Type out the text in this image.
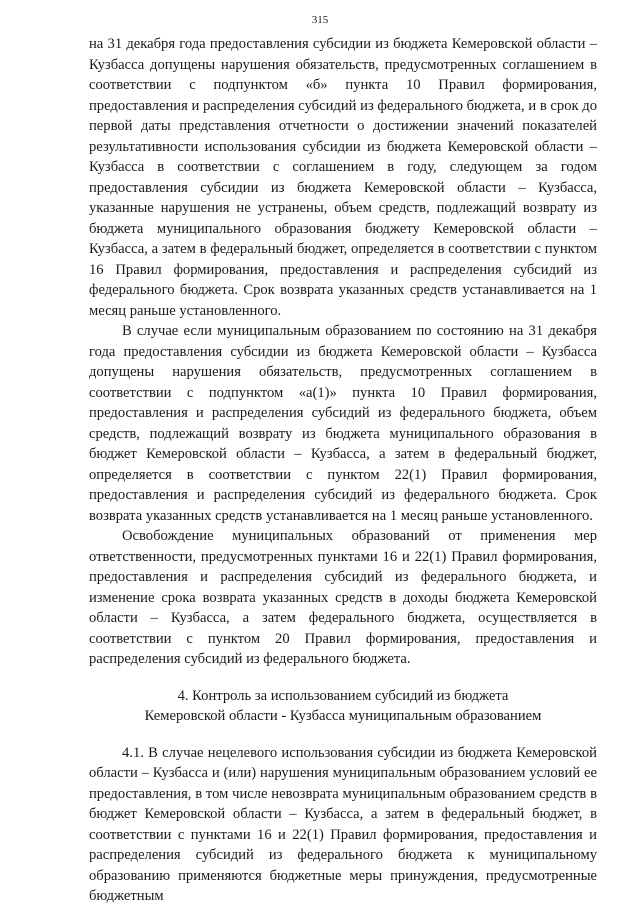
315

на 31 декабря года предоставления субсидии из бюджета Кемеровской области – Кузбасса допущены нарушения обязательств, предусмотренных соглашением в соответствии с подпунктом «б» пункта 10 Правил формирования, предоставления и распределения субсидий из федерального бюджета, и в срок до первой даты представления отчетности о достижении значений показателей результативности использования субсидии из бюджета Кемеровской области – Кузбасса в соответствии с соглашением в году, следующем за годом предоставления субсидии из бюджета Кемеровской области – Кузбасса, указанные нарушения не устранены, объем средств, подлежащий возврату из бюджета муниципального образования бюджету Кемеровской области – Кузбасса, а затем в федеральный бюджет, определяется в соответствии с пунктом 16 Правил формирования, предоставления и распределения субсидий из федерального бюджета. Срок возврата указанных средств устанавливается на 1 месяц раньше установленного.

В случае если муниципальным образованием по состоянию на 31 декабря года предоставления субсидии из бюджета Кемеровской области – Кузбасса допущены нарушения обязательств, предусмотренных соглашением в соответствии с подпунктом «а(1)» пункта 10 Правил формирования, предоставления и распределения субсидий из федерального бюджета, объем средств, подлежащий возврату из бюджета муниципального образования в бюджет Кемеровской области – Кузбасса, а затем в федеральный бюджет, определяется в соответствии с пунктом 22(1) Правил формирования, предоставления и распределения субсидий из федерального бюджета. Срок возврата указанных средств устанавливается на 1 месяц раньше установленного.

Освобождение муниципальных образований от применения мер ответственности, предусмотренных пунктами 16 и 22(1) Правил формирования, предоставления и распределения субсидий из федерального бюджета, и изменение срока возврата указанных средств в доходы бюджета Кемеровской области – Кузбасса, а затем федерального бюджета, осуществляется в соответствии с пунктом 20 Правил формирования, предоставления и распределения субсидий из федерального бюджета.

4. Контроль за использованием субсидий из бюджета
Кемеровской области - Кузбасса муниципальным образованием

4.1. В случае нецелевого использования субсидии из бюджета Кемеровской области – Кузбасса и (или) нарушения муниципальным образованием условий ее предоставления, в том числе невозврата муниципальным образованием средств в бюджет Кемеровской области – Кузбасса, а затем в федеральный бюджет, в соответствии с пунктами 16 и 22(1) Правил формирования, предоставления и распределения субсидий из федерального бюджета к муниципальному образованию применяются бюджетные меры принуждения, предусмотренные бюджетным
